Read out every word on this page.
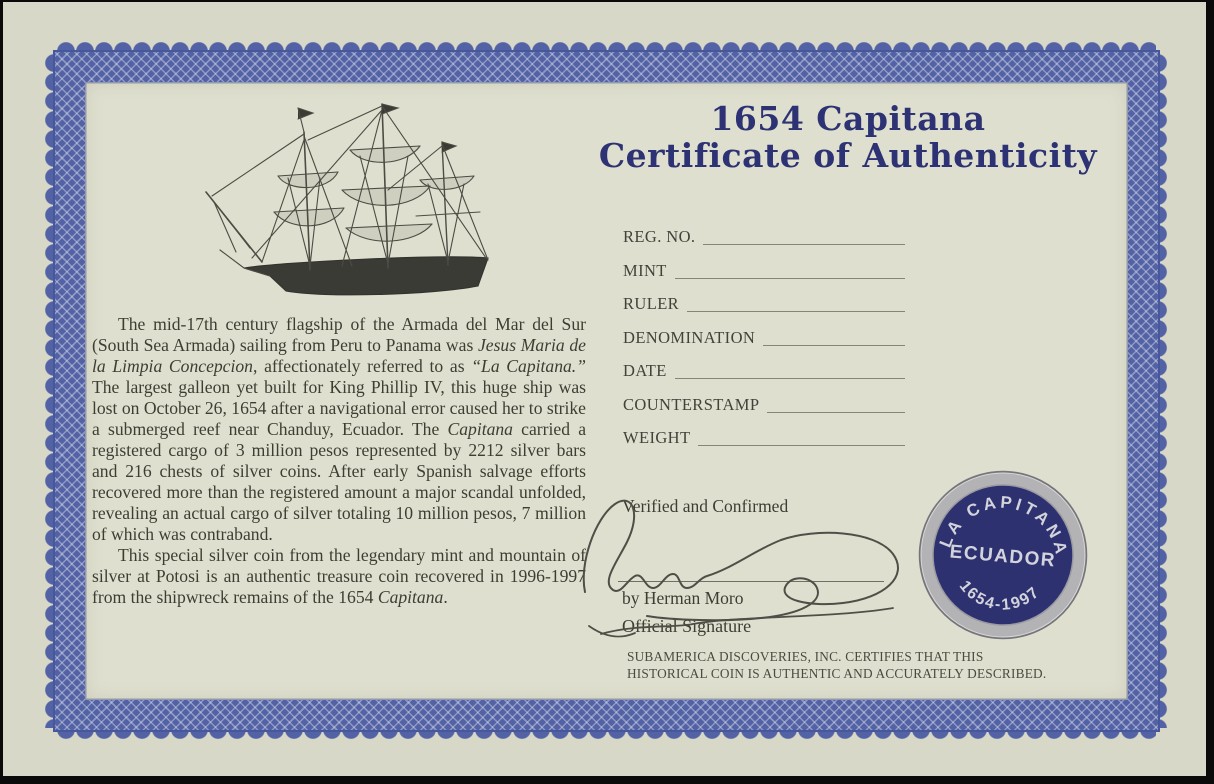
1654 Capitana
Certificate of Authenticity
REG. NO.
MINT
RULER
DENOMINATION
DATE
COUNTERSTAMP
WEIGHT

The mid-17th century flagship of the Armada del Mar del Sur (South Sea Armada) sailing from Peru to Panama was Jesus Maria de la Limpia Concepcion, affectionately referred to as “La Capitana.” The largest galleon yet built for King Phillip IV, this huge ship was lost on October 26, 1654 after a navigational error caused her to strike a submerged reef near Chanduy, Ecuador. The Capitana carried a registered cargo of 3 million pesos represented by 2212 silver bars and 216 chests of silver coins. After early Spanish salvage efforts recovered more than the registered amount a major scandal unfolded, revealing an actual cargo of silver totaling 10 million pesos, 7 million of which was contraband.

This special silver coin from the legendary mint and mountain of silver at Potosi is an authentic treasure coin recovered in 1996-1997 from the shipwreck remains of the 1654 Capitana.

Verified and Confirmed
by Herman Moro
Official Signature
SUBAMERICA DISCOVERIES, INC. CERTIFIES THAT THIS
HISTORICAL COIN IS AUTHENTIC AND ACCURATELY DESCRIBED.
LA CAPITANA
ECUADOR
1654-1997
